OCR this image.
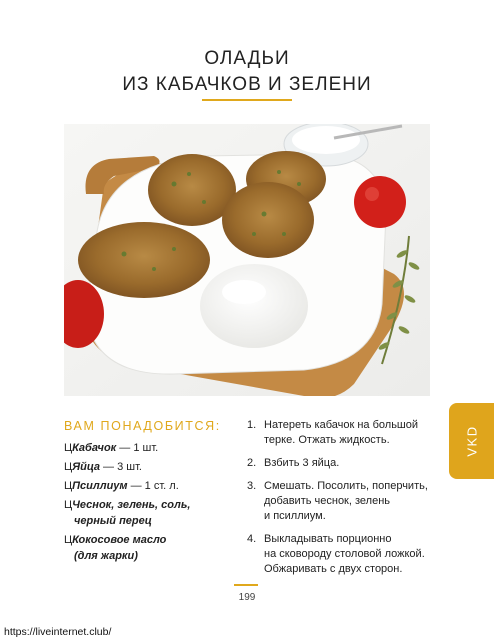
ОЛАДЬИ
ИЗ КАБАЧКОВ И ЗЕЛЕНИ
ВАМ ПОНАДОБИТСЯ:
ЦКабачок — 1 шт.
ЦЯйца — 3 шт.
ЦПсиллиум — 1 ст. л.
ЦЧеснок, зелень, соль,
черный перец
ЦКокосовое масло
(для жарки)
1. Натереть кабачок на большой
терке. Отжать жидкость.
2. Взбить 3 яйца.
3. Смешать. Посолить, поперчить,
добавить чеснок, зелень
и псиллиум.
4. Выкладывать порционно
на сковороду столовой ложкой.
Обжаривать с двух сторон.
VKD
199
https://liveinternet.club/
